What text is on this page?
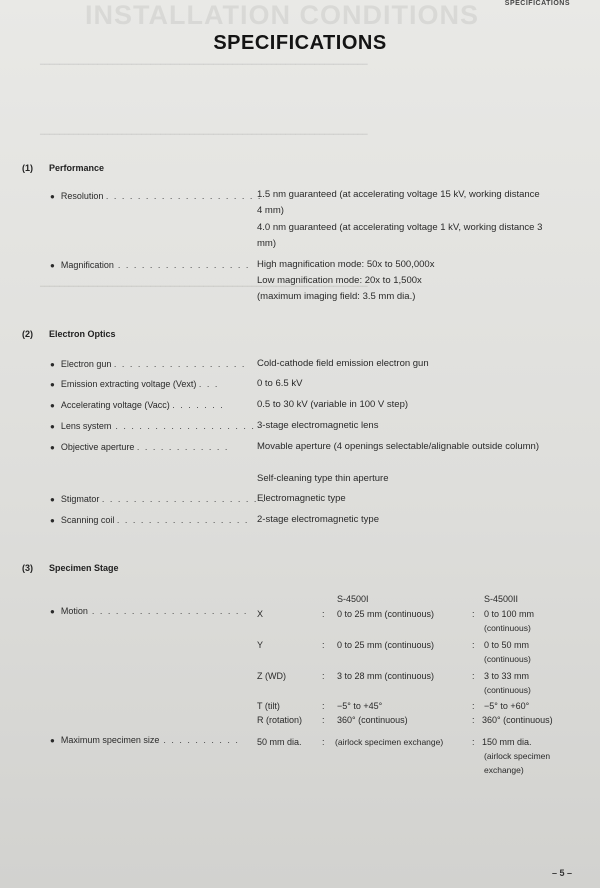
INSTALLATION CONDITIONS	SPECIFICATIONS
━━━━━━━━━━━━━━━━━━━━━━━━━━━━━━━━━━━━━━━━━━━━━━━━━━━━━━━━━━━━━━━━━━━━
━━━━━━━━━━━━━━━━━━━━━━━━━━━━━━━━━━━━━━━━━━━━━━━━━━━━━━━━━━━━━━━━━━━━
━━━━━━━━━━━━━━━━━━━━━━━━━━━━━━━━━━━━━━━━━━━━━━━━━━━━━━━━━━━━━━━━━━━━
SPECIFICATIONS
(1) Performance
● Resolution . . . . . . . . . . . . . . . . . . . .
1.5 nm guaranteed (at accelerating voltage 15 kV, working distance 4 mm)
4.0 nm guaranteed (at accelerating voltage 1 kV, working distance 3 mm)
● Magnification . . . . . . . . . . . . . . . . . High magnification mode: 50x to 500,000x
Low magnification mode: 20x to 1,500x
(maximum imaging field: 3.5 mm dia.)
(2) Electron Optics
● Electron gun . . . . . . . . . . . . . . . . . Cold-cathode field emission electron gun
● Emission extracting voltage (Vext) . . .	0 to 6.5 kV
● Accelerating voltage (Vacc) . . . . . . .	0.5 to 30 kV (variable in 100 V step)
● Lens system . . . . . . . . . . . . . . . . . . 3-stage electromagnetic lens
● Objective aperture . . . . . . . . . . . .	Movable aperture (4 openings selectable/alignable outside column)
Self-cleaning type thin aperture
● Stigmator . . . . . . . . . . . . . . . . . . . . .
Electromagnetic type
● Scanning coil . . . . . . . . . . . . . . . . . 2-stage electromagnetic type
(3) Specimen Stage
S-4500I	S-4500II
● Motion . . . . . . . . . . . . . . . . . . . . X	: 0 to 25 mm (continuous)	: 0 to 100 mm
(continuous)
Y	: 0 to 25 mm (continuous)	: 0 to 50 mm
(continuous)
Z (WD)	: 3 to 28 mm (continuous)	: 3 to 33 mm
(continuous)
T (tilt)	: −5° to +45°	: −5° to +60°
R (rotation) : 360° (continuous)	: 360° (continuous)
● Maximum specimen size . . . . . . . . . . 50 mm dia. : (airlock specimen exchange)	: 150 mm dia.
(airlock specimen
exchange)
– 5 –
